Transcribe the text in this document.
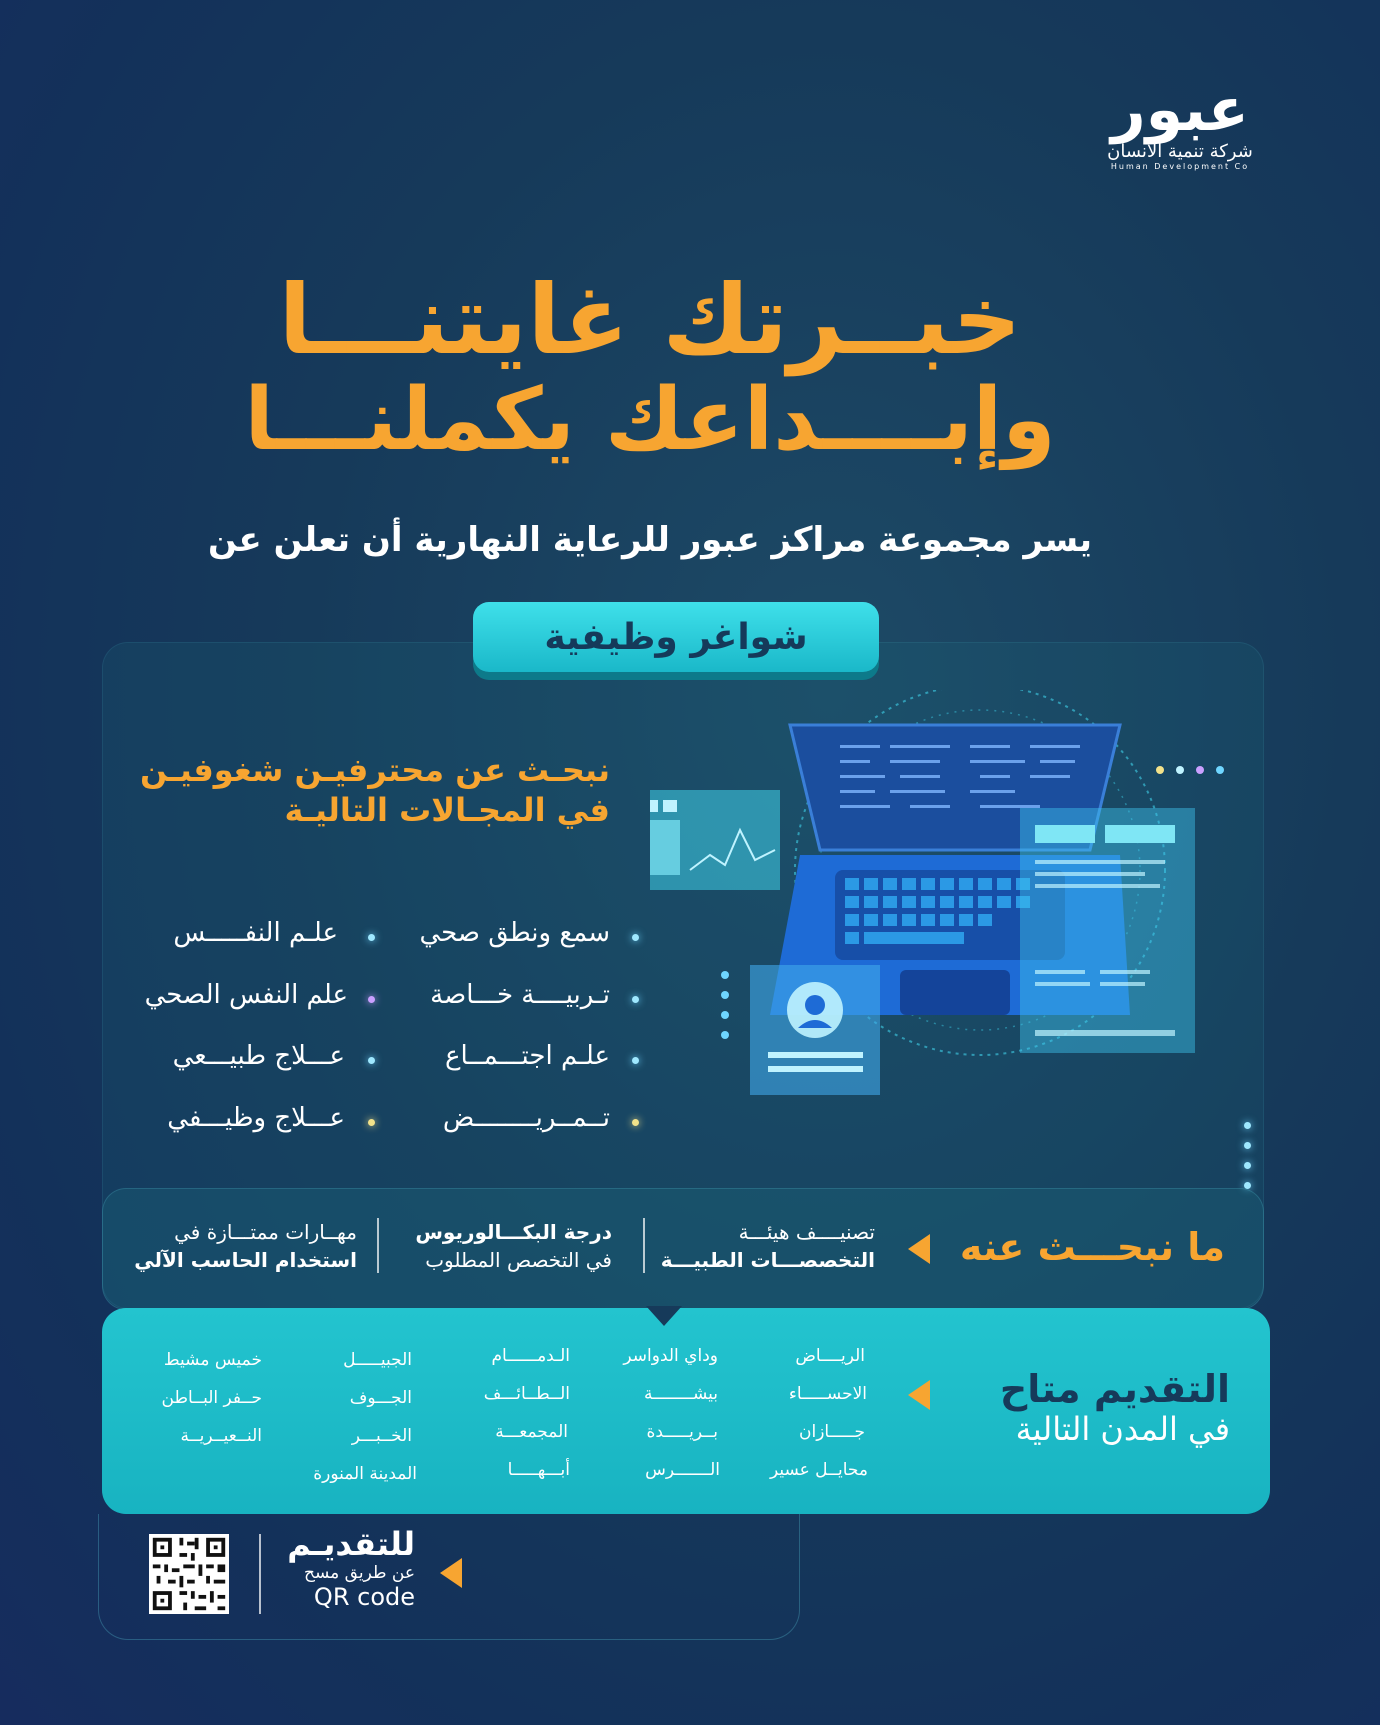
عبور
شركة تنمية الانسان
Human Development Co
خبــرتك غايتنـــا
وإبــــداعك يكملنـــا
يسر مجموعة مراكز عبور للرعاية النهارية أن تعلن عن
شواغر وظيفية
نبحـث عن محترفيـن شغوفيـن
في المجـالات التاليـة
سمع ونطق صحي
تـربيــــة خـــاصة
علـم اجتـــمــاع
تــمــريــــــــض
علـم النفـــــس
علم النفس الصحي
عـــلاج طبيـــعي
عـــلاج وظيـــفي
ما نبحـــث عنه
تصنيــــف هيئـــة
التخصصـــات الطبيـــة
درجة البكـــالوريوس
في التخصص المطلوب
مهــارات ممتـــازة في
استخدام الحاسب الآلي
التقديم متاح
في المدن التالية
الريــــاض
الاحســـــاء
جـــــازان
محايــل عسير
وداي الدواسر
بيشــــــــة
بــريـــــدة
الـــــــرس
الـدمــــــام
الــطــائـــف
المجمعـــة
أبـــهـــــا
الجبيـــــل
الجـــوف
الخــبـــر
المدينة المنورة
خميس مشيط
حــفر البــاطن
النــعيــريــة
للتقديـم
عن طريق مسح
QR code
